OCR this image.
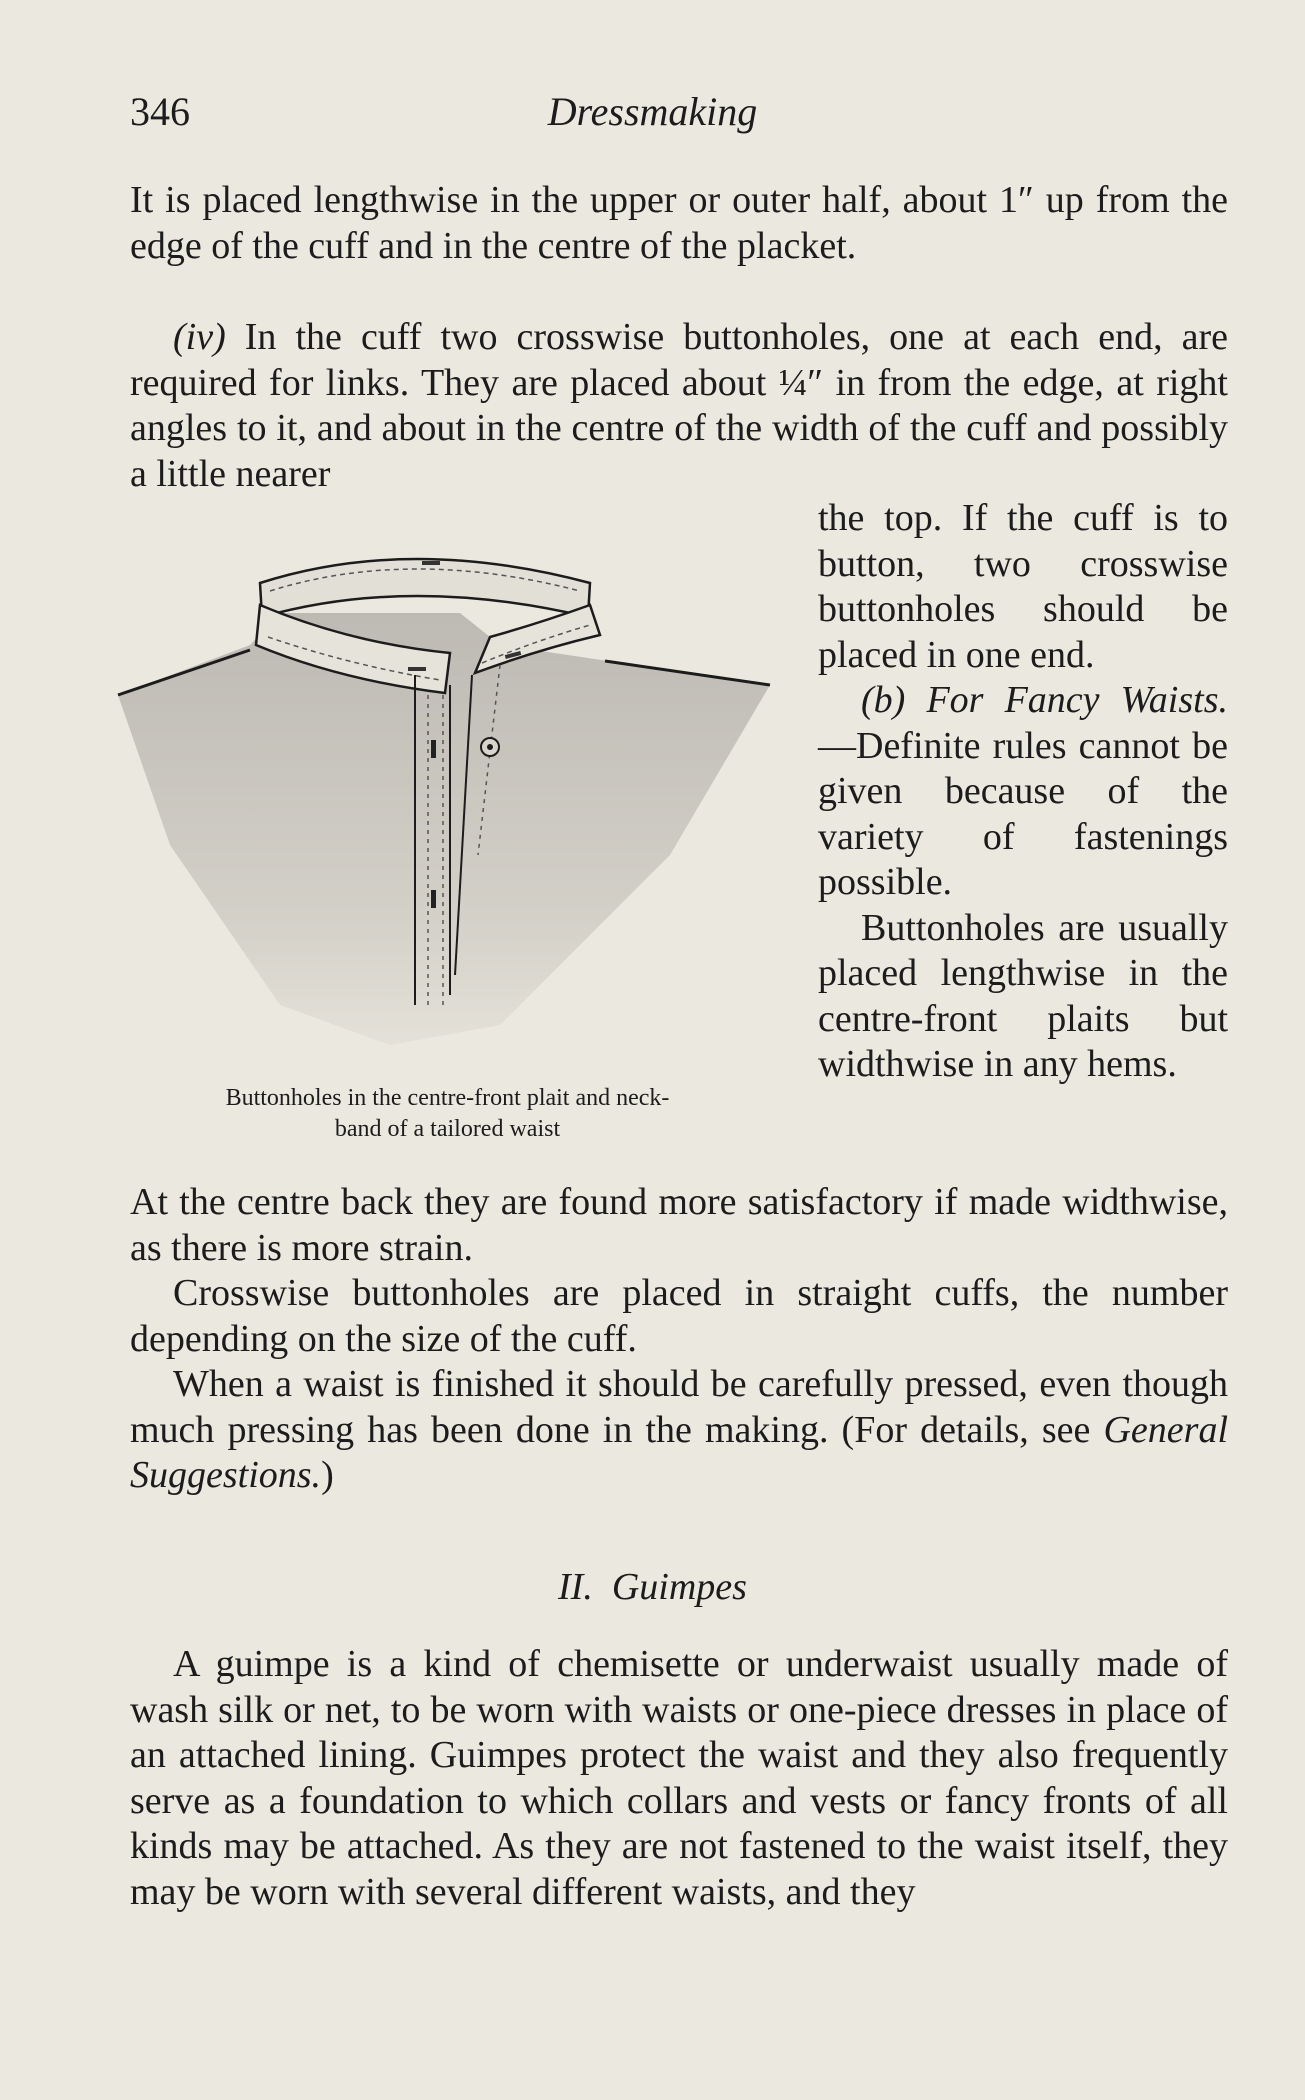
346	Dressmaking

It is placed lengthwise in the upper or outer half, about 1″ up from the edge of the cuff and in the centre of the placket.

(iv) In the cuff two crosswise buttonholes, one at each end, are required for links. They are placed about ¼″ in from the edge, at right angles to it, and about in the centre of the width of the cuff and possibly a little nearer

Buttonholes in the centre-front plait and neck-
band of a tailored waist

the top. If the cuff is to button, two crosswise buttonholes should be placed in one end.

(b) For Fancy Waists.—Definite rules cannot be given because of the variety of fastenings possible.

Buttonholes are usually placed lengthwise in the centre-front plaits but widthwise in any hems.

At the centre back they are found more satisfactory if made widthwise, as there is more strain.

Crosswise buttonholes are placed in straight cuffs, the number depending on the size of the cuff.

When a waist is finished it should be carefully pressed, even though much pressing has been done in the making. (For details, see General Suggestions.)

II. Guimpes

A guimpe is a kind of chemisette or underwaist usually made of wash silk or net, to be worn with waists or one-piece dresses in place of an attached lining. Guimpes protect the waist and they also frequently serve as a foundation to which collars and vests or fancy fronts of all kinds may be attached. As they are not fastened to the waist itself, they may be worn with several different waists, and they
